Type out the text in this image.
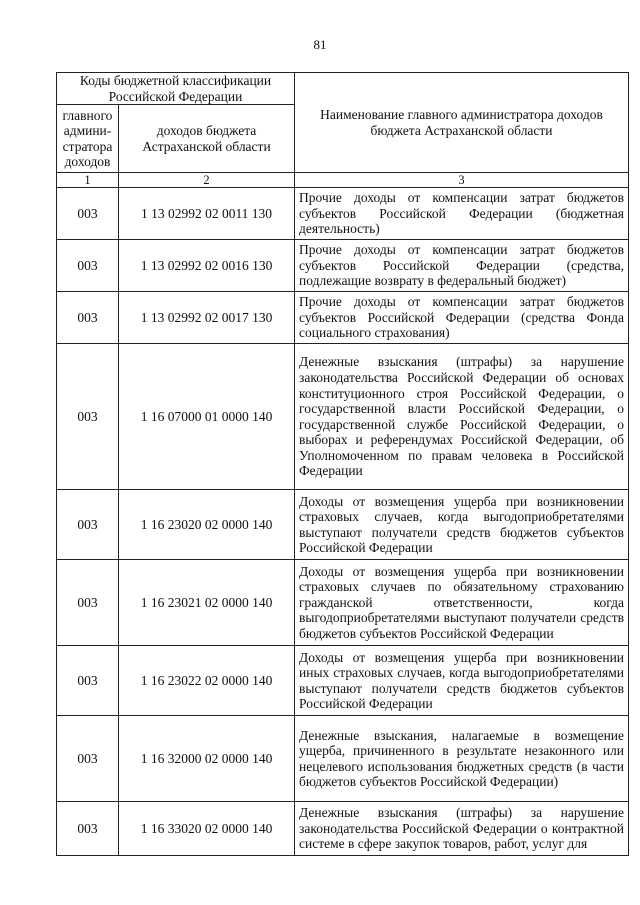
81
Коды бюджетной классификации Российской Федерации		Наименование главного администратора доходов бюджета Астраханской области
главного админи-стратора доходов	доходов бюджета Астраханской области	
1	2	3
003	1 13 02992 02 0011 130	Прочие доходы от компенсации затрат бюджетов субъектов Российской Федерации (бюджетная деятельность)

003	1 13 02992 02 0016 130	Прочие доходы от компенсации затрат бюджетов субъектов Российской Федерации (средства, подлежащие возврату в федеральный бюджет)

003	1 13 02992 02 0017 130	Прочие доходы от компенсации затрат бюджетов субъектов Российской Федерации (средства Фонда социального страхования)

003	1 16 07000 01 0000 140	Денежные взыскания (штрафы) за нарушение законодательства Российской Федерации об основах конституционного строя Российской Федерации, о государственной власти Российской Федерации, о государственной службе Российской Федерации, о выборах и референдумах Российской Федерации, об Уполномоченном по правам человека в Российской Федерации

003	1 16 23020 02 0000 140	Доходы от возмещения ущерба при возникновении страховых случаев, когда выгодоприобретателями выступают получатели средств бюджетов субъектов Российской Федерации

003	1 16 23021 02 0000 140	Доходы от возмещения ущерба при возникновении страховых случаев по обязательному страхованию гражданской ответственности, когда выгодоприобретателями выступают получатели средств бюджетов субъектов Российской Федерации

003	1 16 23022 02 0000 140	Доходы от возмещения ущерба при возникновении иных страховых случаев, когда выгодоприобретателями выступают получатели средств бюджетов субъектов Российской Федерации

003	1 16 32000 02 0000 140	Денежные взыскания, налагаемые в возмещение ущерба, причиненного в результате незаконного или нецелевого использования бюджетных средств (в части бюджетов субъектов Российской Федерации)

003	1 16 33020 02 0000 140	Денежные взыскания (штрафы) за нарушение законодательства Российской Федерации о контрактной системе в сфере закупок товаров, работ, услуг для
